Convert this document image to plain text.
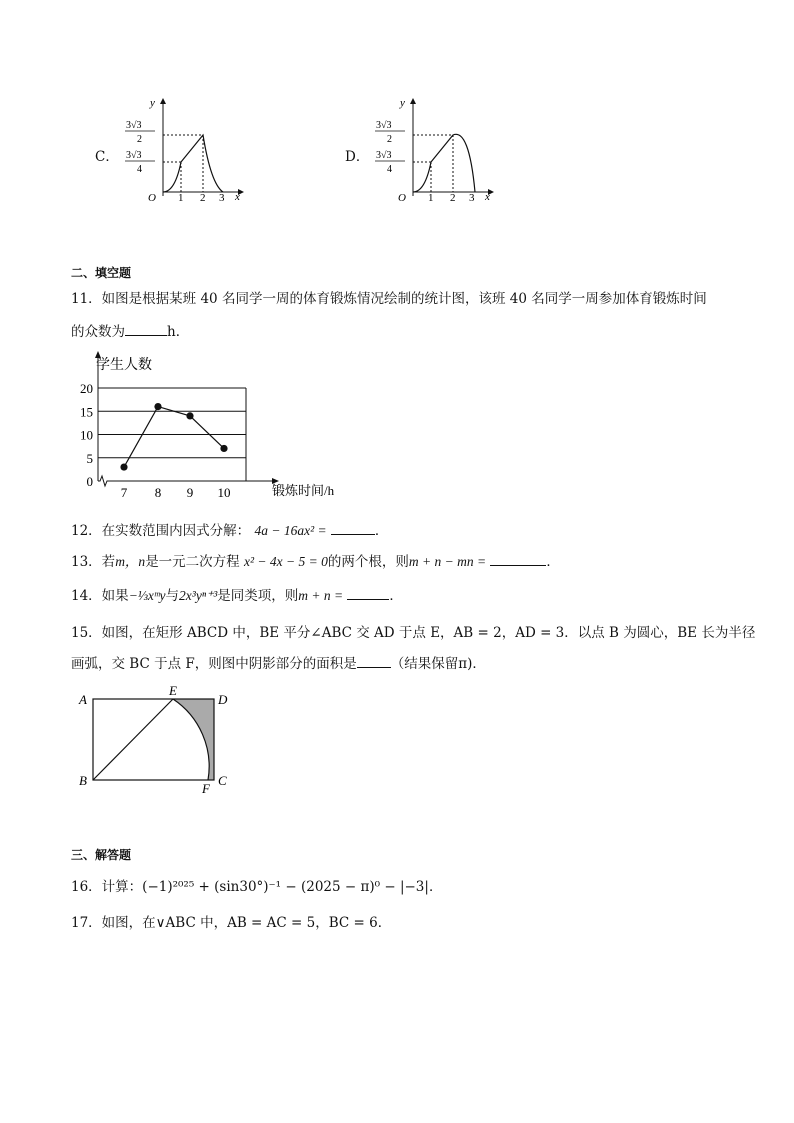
C．
y
x
O 1 2 3
3√3
2
3√3
4
D．
y
x
O 1 2 3
3√3
2
3√3
4
二、填空题
11．如图是根据某班 40 名同学一周的体育锻炼情况绘制的统计图，该班 40 名同学一周参加体育锻炼时间
的众数为	h．
学生人数
0
5
10
15
20
7 8 9 10	锻炼时间/h
12．在实数范围内因式分解： 4a − 16ax² =	．
13．若m，n是一元二次方程 x² − 4x − 5 = 0的两个根，则m + n − mn =	．
14．如果−⅓xᵐy与2x³yⁿ⁺³是同类项，则m + n =	．
15．如图，在矩形 ABCD 中，BE 平分∠ABC 交 AD 于点 E，AB = 2，AD = 3．以点 B 为圆心，BE 长为半径
画弧，交 BC 于点 F，则图中阴影部分的面积是	（结果保留π)．
A
B	C
D
E
F
三、解答题
16．计算：(−1)²⁰²⁵ + (sin30°)⁻¹ − (2025 − π)⁰ − |−3|．
17．如图，在∨ABC 中，AB = AC = 5，BC = 6．
